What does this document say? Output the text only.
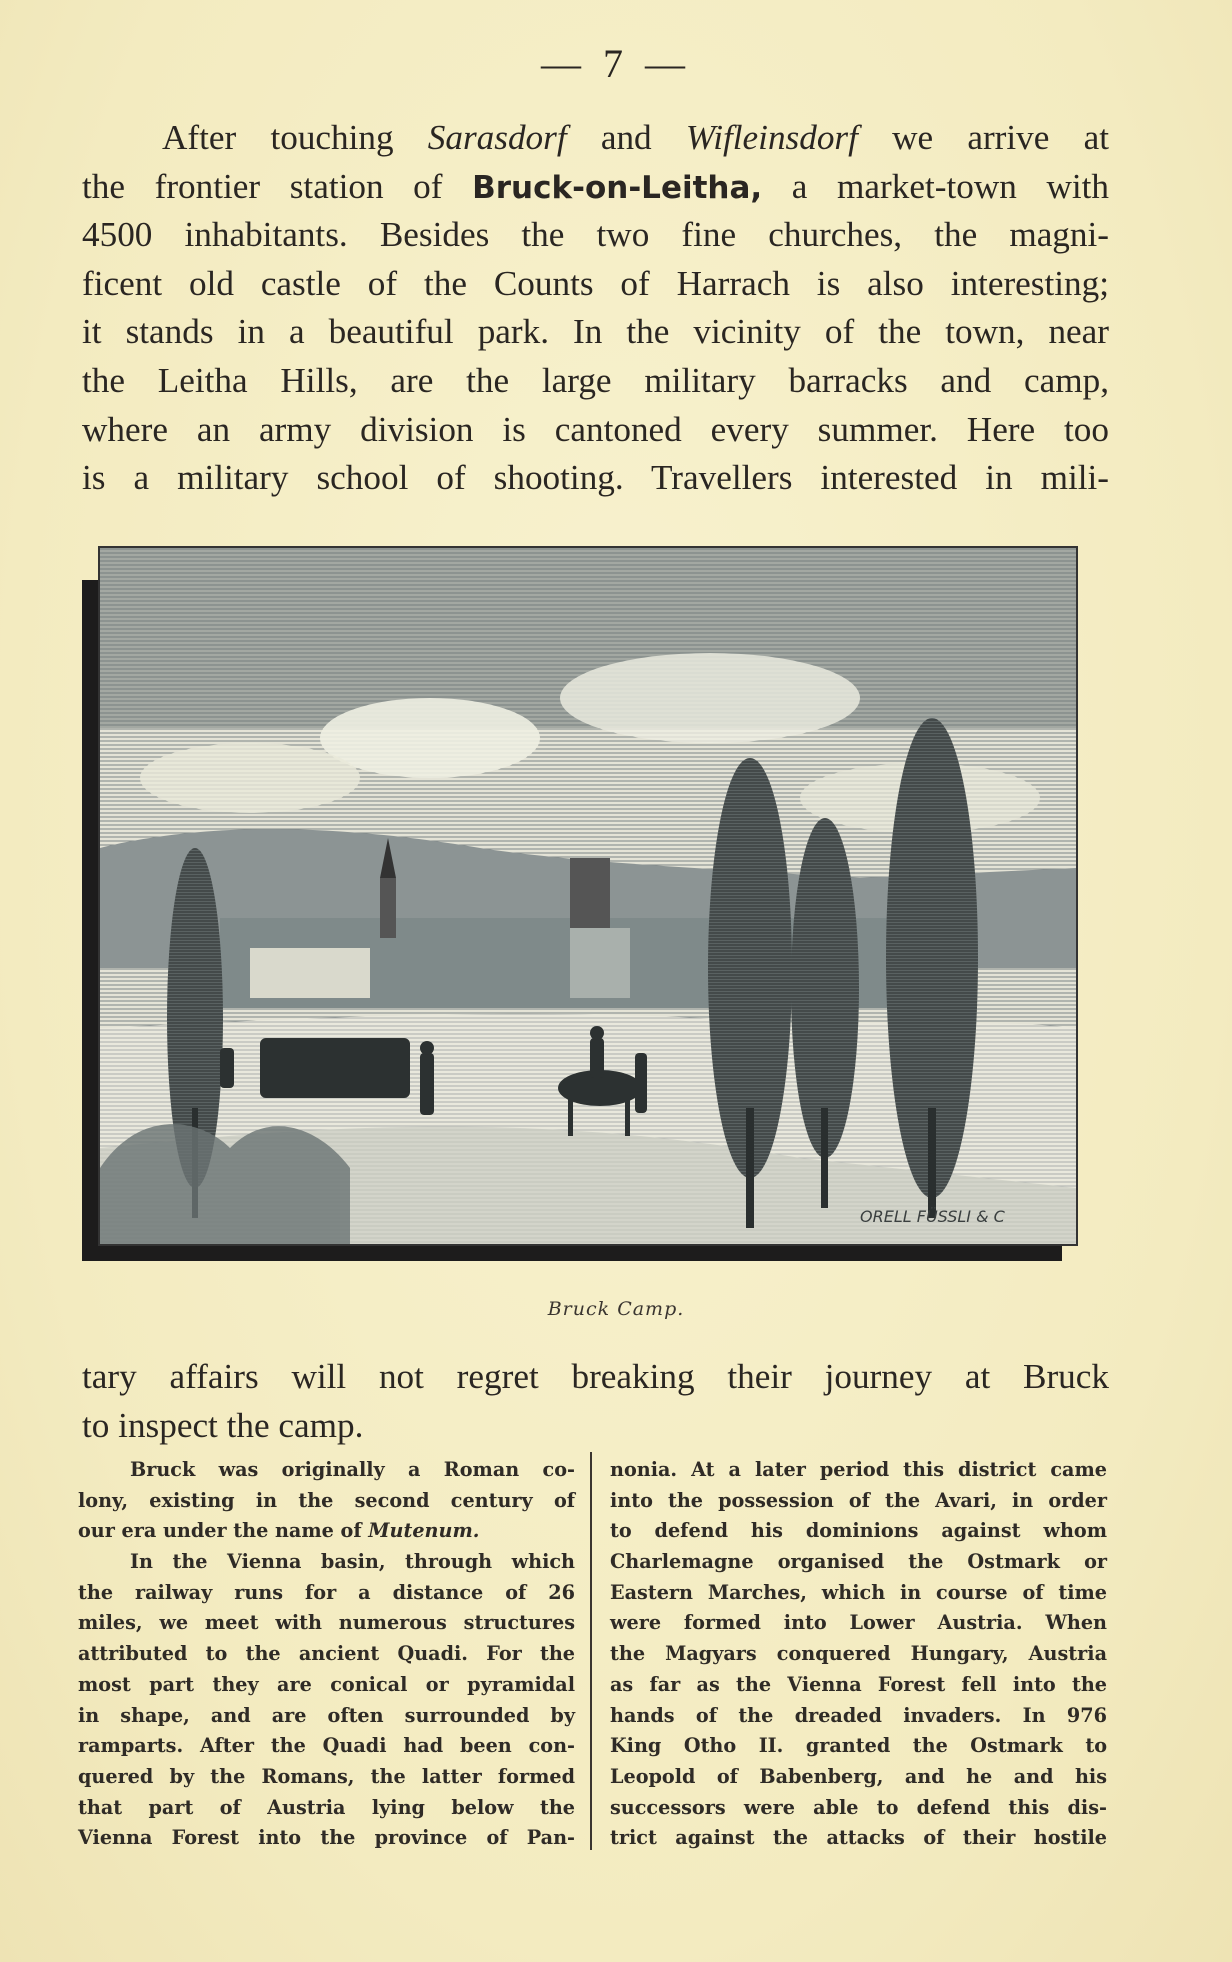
— 7 —
After touching Sarasdorf and Wifleinsdorf we arrive at
the frontier station of Bruck-on-Leitha, a market-town with
4500 inhabitants. Besides the two fine churches, the magni-
ficent old castle of the Counts of Harrach is also interesting;
it stands in a beautiful park. In the vicinity of the town, near
the Leitha Hills, are the large military barracks and camp,
where an army division is cantoned every summer. Here too
is a military school of shooting. Travellers interested in mili-
ORELL FÜSSLI & C
Bruck Camp.
tary affairs will not regret breaking their journey at Bruck
to inspect the camp.
Bruck was originally a Roman co-
lony, existing in the second century of
our era under the name of Mutenum.
In the Vienna basin, through which
the railway runs for a distance of 26
miles, we meet with numerous structures
attributed to the ancient Quadi. For the
most part they are conical or pyramidal
in shape, and are often surrounded by
ramparts. After the Quadi had been con-
quered by the Romans, the latter formed
that part of Austria lying below the
Vienna Forest into the province of Pan-
nonia. At a later period this district came
into the possession of the Avari, in order
to defend his dominions against whom
Charlemagne organised the Ostmark or
Eastern Marches, which in course of time
were formed into Lower Austria. When
the Magyars conquered Hungary, Austria
as far as the Vienna Forest fell into the
hands of the dreaded invaders. In 976
King Otho II. granted the Ostmark to
Leopold of Babenberg, and he and his
successors were able to defend this dis-
trict against the attacks of their hostile
